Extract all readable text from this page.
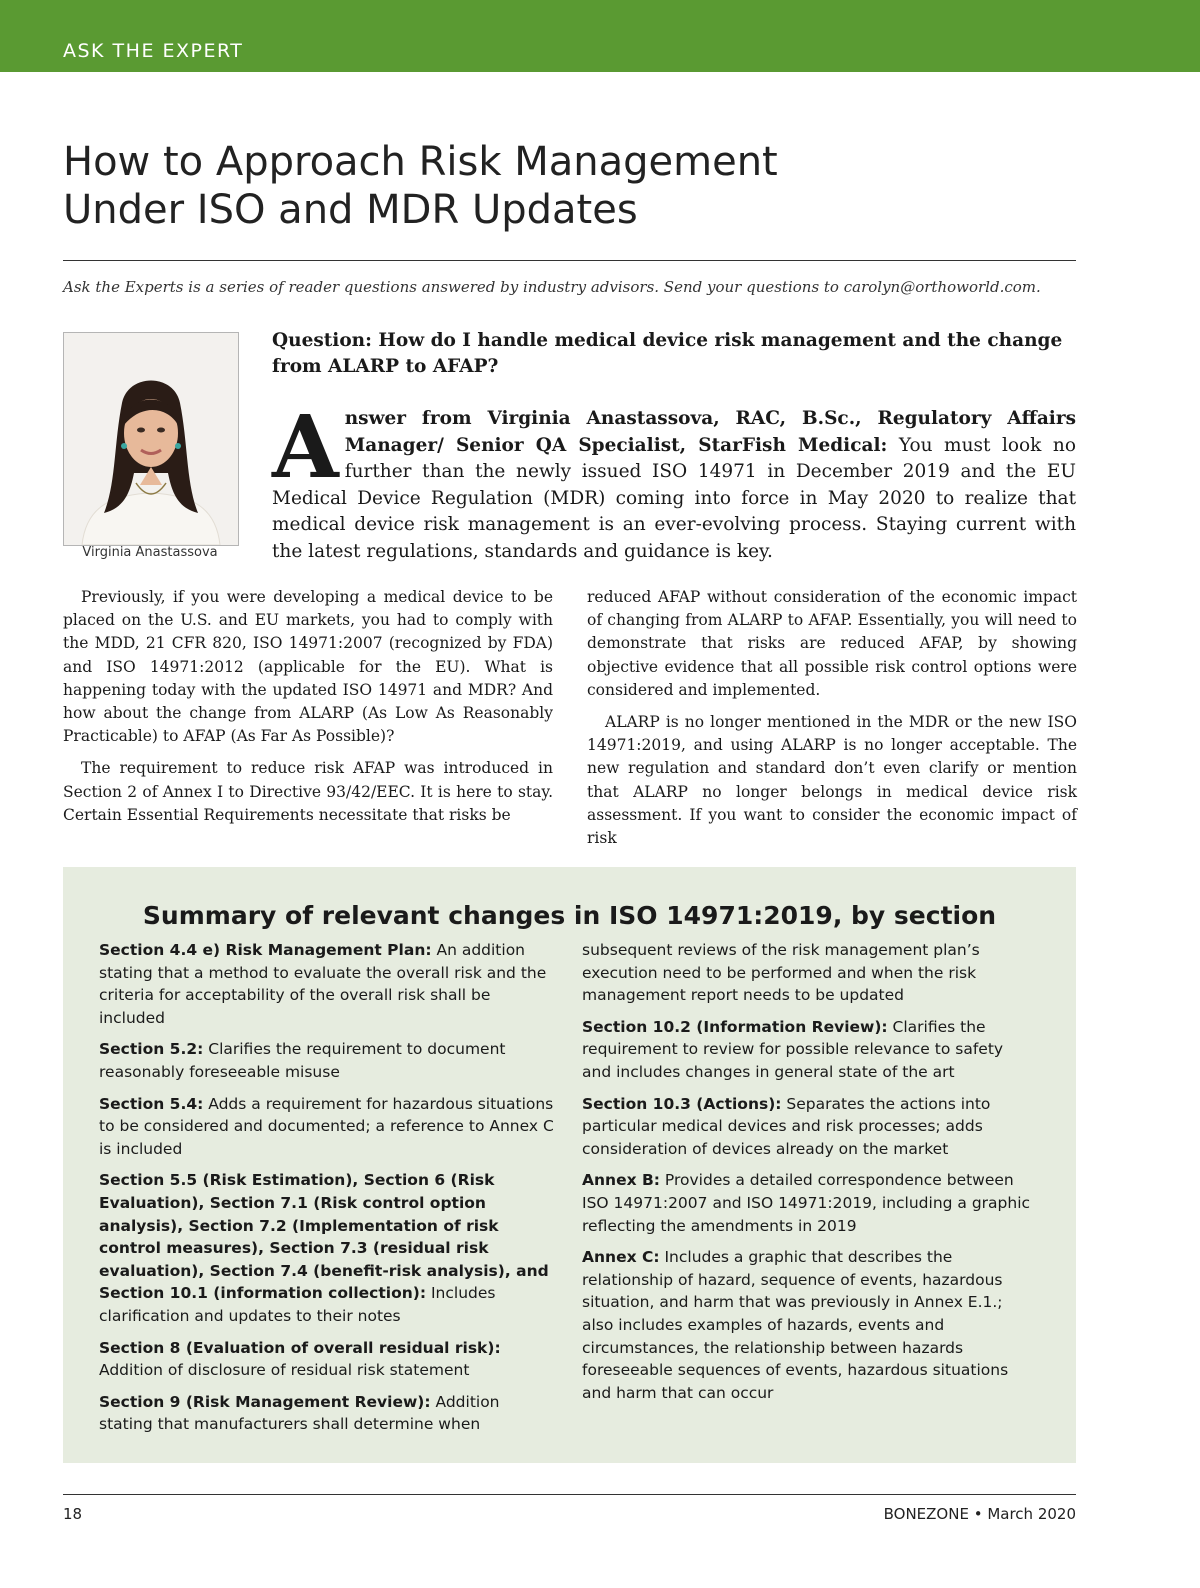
ASK THE EXPERT
How to Approach Risk Management
Under ISO and MDR Updates
Ask the Experts is a series of reader questions answered by industry advisors. Send your questions to carolyn@orthoworld.com.
Virginia Anastassova
Question: How do I handle medical device risk management and the change from ALARP to AFAP?

Answer from Virginia Anastassova, RAC, B.Sc., Regulatory Affairs Manager/ Senior QA Specialist, StarFish Medical: You must look no further than the newly issued ISO 14971 in December 2019 and the EU Medical Device Regulation (MDR) coming into force in May 2020 to realize that medical device risk management is an ever-evolving process. Staying current with the latest regulations, standards and guidance is key.

Previously, if you were developing a medical device to be placed on the U.S. and EU markets, you had to comply with the MDD, 21 CFR 820, ISO 14971:2007 (recognized by FDA) and ISO 14971:2012 (applicable for the EU). What is happening today with the updated ISO 14971 and MDR? And how about the change from ALARP (As Low As Reasonably Practicable) to AFAP (As Far As Possible)?

The requirement to reduce risk AFAP was introduced in Section 2 of Annex I to Directive 93/42/EEC. It is here to stay. Certain Essential Requirements necessitate that risks be

reduced AFAP without consideration of the economic impact of changing from ALARP to AFAP. Essentially, you will need to demonstrate that risks are reduced AFAP, by showing objective evidence that all possible risk control options were considered and implemented.

ALARP is no longer mentioned in the MDR or the new ISO 14971:2019, and using ALARP is no longer acceptable. The new regulation and standard don’t even clarify or mention that ALARP no longer belongs in medical device risk assessment. If you want to consider the economic impact of risk

Summary of relevant changes in ISO 14971:2019, by section

Section 4.4 e) Risk Management Plan: An addition stating that a method to evaluate the overall risk and the criteria for acceptability of the overall risk shall be included

Section 5.2: Clarifies the requirement to document reasonably foreseeable misuse

Section 5.4: Adds a requirement for hazardous situations to be considered and documented; a reference to Annex C is included

Section 5.5 (Risk Estimation), Section 6 (Risk Evaluation), Section 7.1 (Risk control option analysis), Section 7.2 (Implementation of risk control measures), Section 7.3 (residual risk evaluation), Section 7.4 (benefit-risk analysis), and Section 10.1 (information collection): Includes clarification and updates to their notes

Section 8 (Evaluation of overall residual risk): Addition of disclosure of residual risk statement

Section 9 (Risk Management Review): Addition stating that manufacturers shall determine when

subsequent reviews of the risk management plan’s execution need to be performed and when the risk management report needs to be updated

Section 10.2 (Information Review): Clarifies the requirement to review for possible relevance to safety and includes changes in general state of the art

Section 10.3 (Actions): Separates the actions into particular medical devices and risk processes; adds consideration of devices already on the market

Annex B: Provides a detailed correspondence between ISO 14971:2007 and ISO 14971:2019, including a graphic reflecting the amendments in 2019

Annex C: Includes a graphic that describes the relationship of hazard, sequence of events, hazardous situation, and harm that was previously in Annex E.1.; also includes examples of hazards, events and circumstances, the relationship between hazards foreseeable sequences of events, hazardous situations and harm that can occur

18	BONEZONE • March 2020
